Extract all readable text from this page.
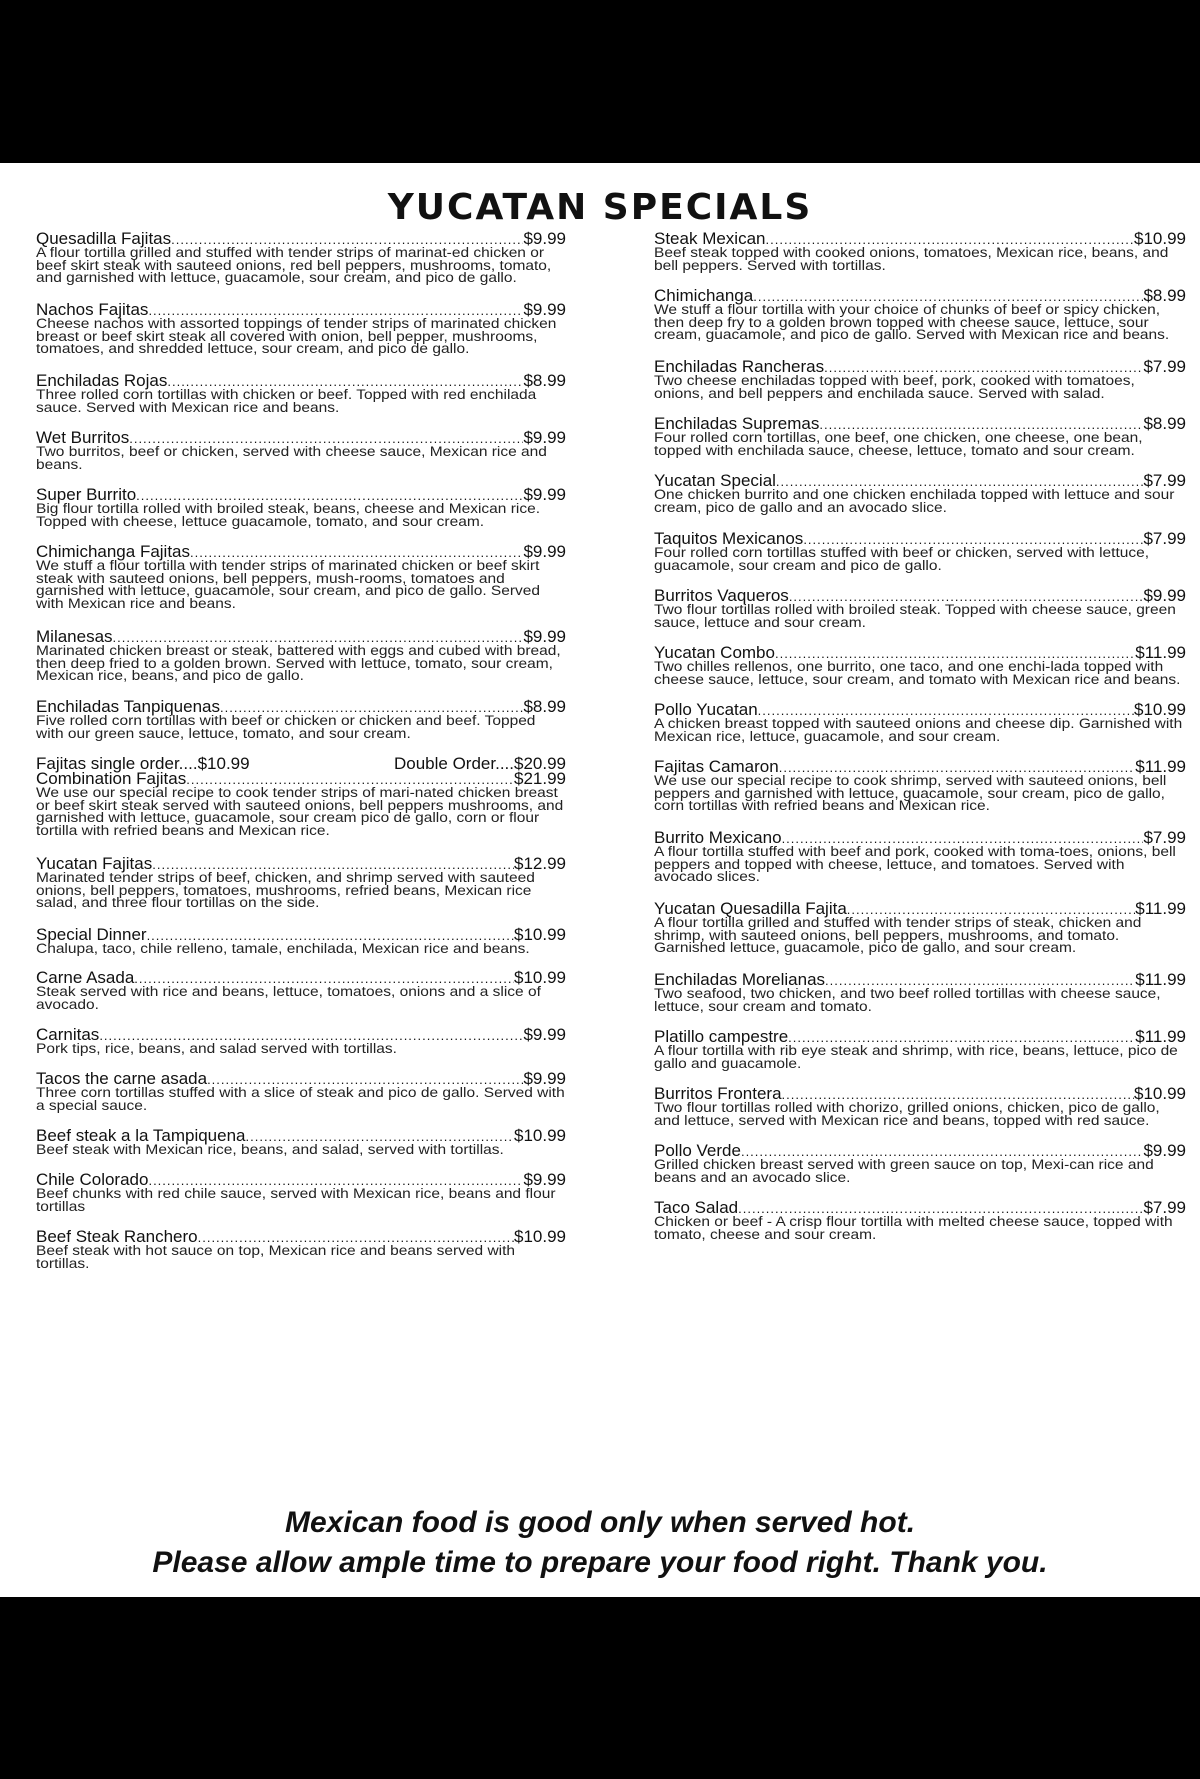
YUCATAN SPECIALS
Quesadilla Fajitas .....	$9.99
A flour tortilla grilled and stuffed with tender strips of marinat-ed chicken or beef skirt steak with sauteed onions, red bell peppers, mushrooms, tomato, and garnished with lettuce, guacamole, sour cream, and pico de gallo.
Nachos Fajitas .....	$9.99
Cheese nachos with assorted toppings of tender strips of marinated chicken breast or beef skirt steak all covered with onion, bell pepper, mushrooms, tomatoes, and shredded lettuce, sour cream, and pico de gallo.
Enchiladas Rojas .....	$8.99
Three rolled corn tortillas with chicken or beef. Topped with red enchilada sauce. Served with Mexican rice and beans.
Wet Burritos .....	$9.99
Two burritos, beef or chicken, served with cheese sauce, Mexican rice and beans.
Super Burrito .....	$9.99
Big flour tortilla rolled with broiled steak, beans, cheese and Mexican rice. Topped with cheese, lettuce guacamole, tomato, and sour cream.
Chimichanga Fajitas .....	$9.99
We stuff a flour tortilla with tender strips of marinated chicken or beef skirt steak with sauteed onions, bell peppers, mush-rooms, tomatoes and garnished with lettuce, guacamole, sour cream, and pico de gallo. Served with Mexican rice and beans.
Milanesas .....	$9.99
Marinated chicken breast or steak, battered with eggs and cubed with bread, then deep fried to a golden brown. Served with lettuce, tomato, sour cream, Mexican rice, beans, and pico de gallo.
Enchiladas Tanpiquenas .....	$8.99
Five rolled corn tortillas with beef or chicken or chicken and beef. Topped with our green sauce, lettuce, tomato, and sour cream.
Fajitas single order....$10.99	Double Order....$20.99
Combination Fajitas .....	$21.99
We use our special recipe to cook tender strips of mari-nated chicken breast or beef skirt steak served with sauteed onions, bell peppers mushrooms, and garnished with lettuce, guacamole, sour cream pico de gallo, corn or flour tortilla with refried beans and Mexican rice.
Yucatan Fajitas .....	$12.99
Marinated tender strips of beef, chicken, and shrimp served with sauteed onions, bell peppers, tomatoes, mushrooms, refried beans, Mexican rice salad, and three flour tortillas on the side.
Special Dinner .....	$10.99
Chalupa, taco, chile relleno, tamale, enchilada, Mexican rice and beans.
Carne Asada .....	$10.99
Steak served with rice and beans, lettuce, tomatoes, onions and a slice of avocado.
Carnitas .....	$9.99
Pork tips, rice, beans, and salad served with tortillas.
Tacos the carne asada .....	$9.99
Three corn tortillas stuffed with a slice of steak and pico de gallo. Served with a special sauce.
Beef steak a la Tampiquena .....	$10.99
Beef steak with Mexican rice, beans, and salad, served with tortillas.
Chile Colorado .....	$9.99
Beef chunks with red chile sauce, served with Mexican rice, beans and flour tortillas
Beef Steak Ranchero .....	$10.99
Beef steak with hot sauce on top, Mexican rice and beans served with tortillas.
Steak Mexican .....	$10.99
Beef steak topped with cooked onions, tomatoes, Mexican rice, beans, and bell peppers. Served with tortillas.
Chimichanga .....	$8.99
We stuff a flour tortilla with your choice of chunks of beef or spicy chicken, then deep fry to a golden brown topped with cheese sauce, lettuce, sour cream, guacamole, and pico de gallo. Served with Mexican rice and beans.
Enchiladas Rancheras .....	$7.99
Two cheese enchiladas topped with beef, pork, cooked with tomatoes, onions, and bell peppers and enchilada sauce. Served with salad.
Enchiladas Supremas .....	$8.99
Four rolled corn tortillas, one beef, one chicken, one cheese, one bean, topped with enchilada sauce, cheese, lettuce, tomato and sour cream.
Yucatan Special .....	$7.99
One chicken burrito and one chicken enchilada topped with lettuce and sour cream, pico de gallo and an avocado slice.
Taquitos Mexicanos .....	$7.99
Four rolled corn tortillas stuffed with beef or chicken, served with lettuce, guacamole, sour cream and pico de gallo.
Burritos Vaqueros .....	$9.99
Two flour tortillas rolled with broiled steak. Topped with cheese sauce, green sauce, lettuce and sour cream.
Yucatan Combo .....	$11.99
Two chilles rellenos, one burrito, one taco, and one enchi-lada topped with cheese sauce, lettuce, sour cream, and tomato with Mexican rice and beans.
Pollo Yucatan .....	$10.99
A chicken breast topped with sauteed onions and cheese dip. Garnished with Mexican rice, lettuce, guacamole, and sour cream.
Fajitas Camaron .....	$11.99
We use our special recipe to cook shrimp, served with sauteed onions, bell peppers and garnished with lettuce, guacamole, sour cream, pico de gallo, corn tortillas with refried beans and Mexican rice.
Burrito Mexicano .....	$7.99
A flour tortilla stuffed with beef and pork, cooked with toma-toes, onions, bell peppers and topped with cheese, lettuce, and tomatoes. Served with avocado slices.
Yucatan Quesadilla Fajita .....	$11.99
A flour tortilla grilled and stuffed with tender strips of steak, chicken and shrimp, with sauteed onions, bell peppers, mushrooms, and tomato. Garnished lettuce, guacamole, pico de gallo, and sour cream.
Enchiladas Morelianas .....	$11.99
Two seafood, two chicken, and two beef rolled tortillas with cheese sauce, lettuce, sour cream and tomato.
Platillo campestre .....	$11.99
A flour tortilla with rib eye steak and shrimp, with rice, beans, lettuce, pico de gallo and guacamole.
Burritos Frontera .....	$10.99
Two flour tortillas rolled with chorizo, grilled onions, chicken, pico de gallo, and lettuce, served with Mexican rice and beans, topped with red sauce.
Pollo Verde .....	$9.99
Grilled chicken breast served with green sauce on top, Mexi-can rice and beans and an avocado slice.
Taco Salad .....	$7.99
Chicken or beef - A crisp flour tortilla with melted cheese sauce, topped with tomato, cheese and sour cream.
Mexican food is good only when served hot.
Please allow ample time to prepare your food right. Thank you.
